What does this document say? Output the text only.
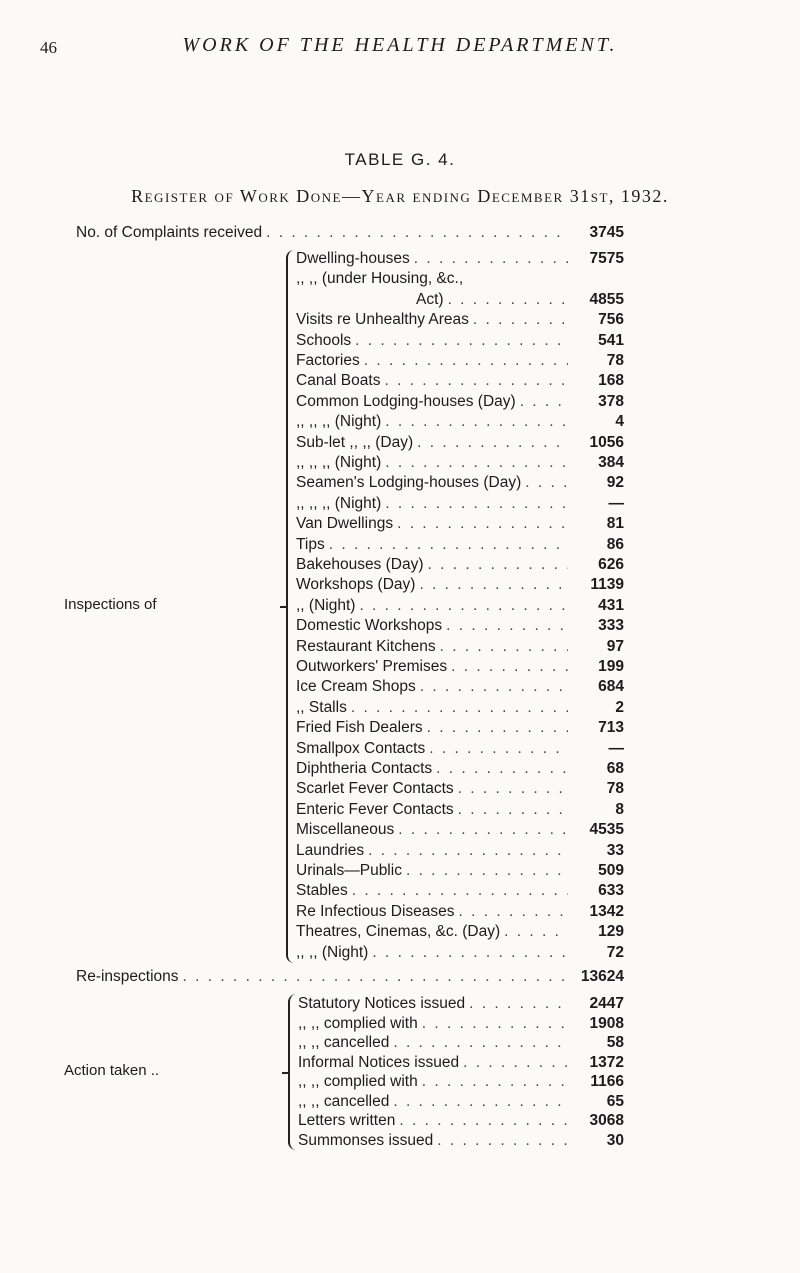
46	WORK OF THE HEALTH DEPARTMENT.
TABLE G. 4.
Register of Work Done—Year ending December 31st, 1932.
No. of Complaints received . . .	3745
Inspections of
Dwelling-houses . . .	7575
,, ,, (under Housing, &c.,
Act) . . .	4855
Visits re Unhealthy Areas . . .	756
Schools . . .	541
Factories . . .	78
Canal Boats . . .	168
Common Lodging-houses (Day) . . .	378
,, ,, ,, (Night) . . .	4
Sub-let ,, ,, (Day) . . .	1056
,, ,, ,, (Night) . . .	384
Seamen's Lodging-houses (Day) . . .	92
,, ,, ,, (Night) . . .	—
Van Dwellings . . .	81
Tips . . .	86
Bakehouses (Day) . . .	626
Workshops (Day) . . .	1139
,, (Night) . . .	431
Domestic Workshops . . .	333
Restaurant Kitchens . . .	97
Outworkers' Premises . . .	199
Ice Cream Shops . . .	684
,, Stalls . . .	2
Fried Fish Dealers . . .	713
Smallpox Contacts . . .	—
Diphtheria Contacts . . .	68
Scarlet Fever Contacts . . .	78
Enteric Fever Contacts . . .	8
Miscellaneous . . .	4535
Laundries . . .	33
Urinals—Public . . .	509
Stables . . .	633
Re Infectious Diseases . . .	1342
Theatres, Cinemas, &c. (Day) . . .	129
,, ,, (Night) . . .	72
Re-inspections . . .	13624
Action taken ..
Statutory Notices issued . . .	2447
,, ,, complied with . . .	1908
,, ,, cancelled . . .	58
Informal Notices issued . . .	1372
,, ,, complied with . . .	1166
,, ,, cancelled . . .	65
Letters written . . .	3068
Summonses issued . . .	30
